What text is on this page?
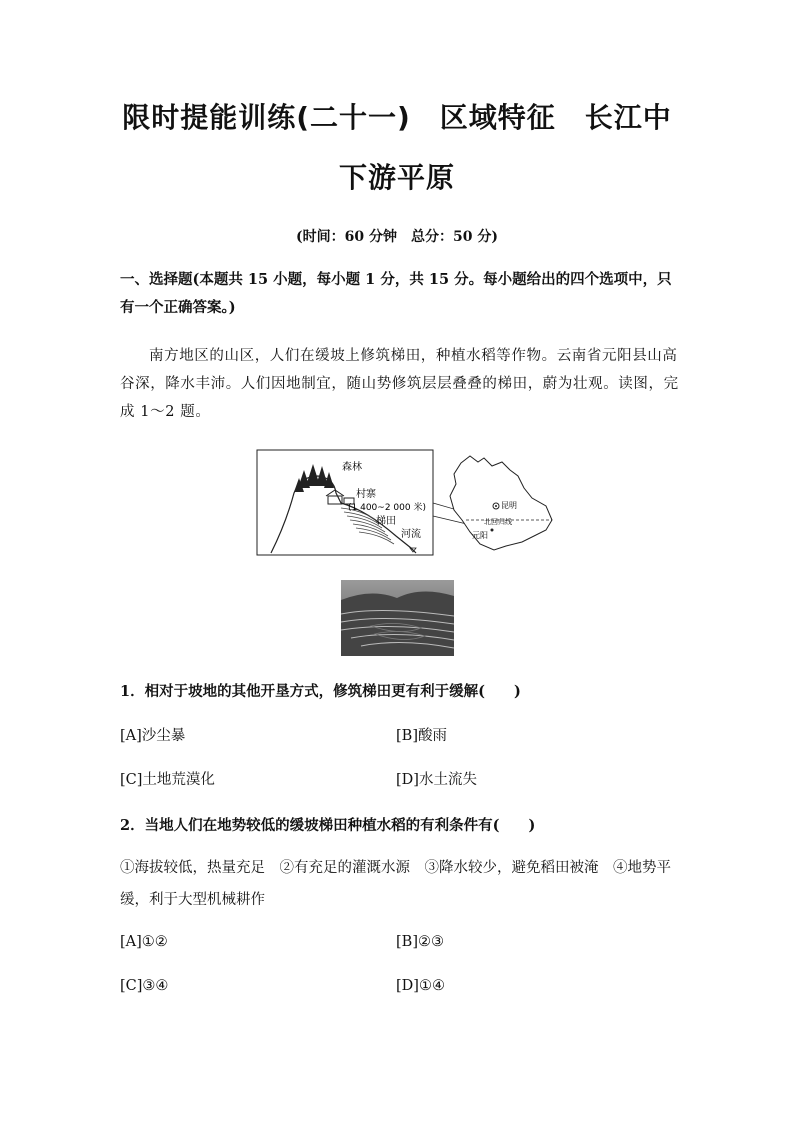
限时提能训练(二十一)　区域特征　长江中
下游平原
(时间：60 分钟　总分：50 分)
一、选择题(本题共 15 小题，每小题 1 分，共 15 分。每小题给出的四个选项中，只有一个正确答案。)
南方地区的山区，人们在缓坡上修筑梯田，种植水稻等作物。云南省元阳县山高谷深，降水丰沛。人们因地制宜，随山势修筑层层叠叠的梯田，蔚为壮观。读图，完成 1～2 题。
森林
村寨
(1 400~2 000 米)
梯田
河流
昆明
北回归线
元阳
1．相对于坡地的其他开垦方式，修筑梯田更有利于缓解(　　)
[A]沙尘暴	[B]酸雨
[C]土地荒漠化	[D]水土流失
2．当地人们在地势较低的缓坡梯田种植水稻的有利条件有(　　)
①海拔较低，热量充足　②有充足的灌溉水源　③降水较少，避免稻田被淹　④地势平缓，利于大型机械耕作
[A]①②	[B]②③
[C]③④	[D]①④
